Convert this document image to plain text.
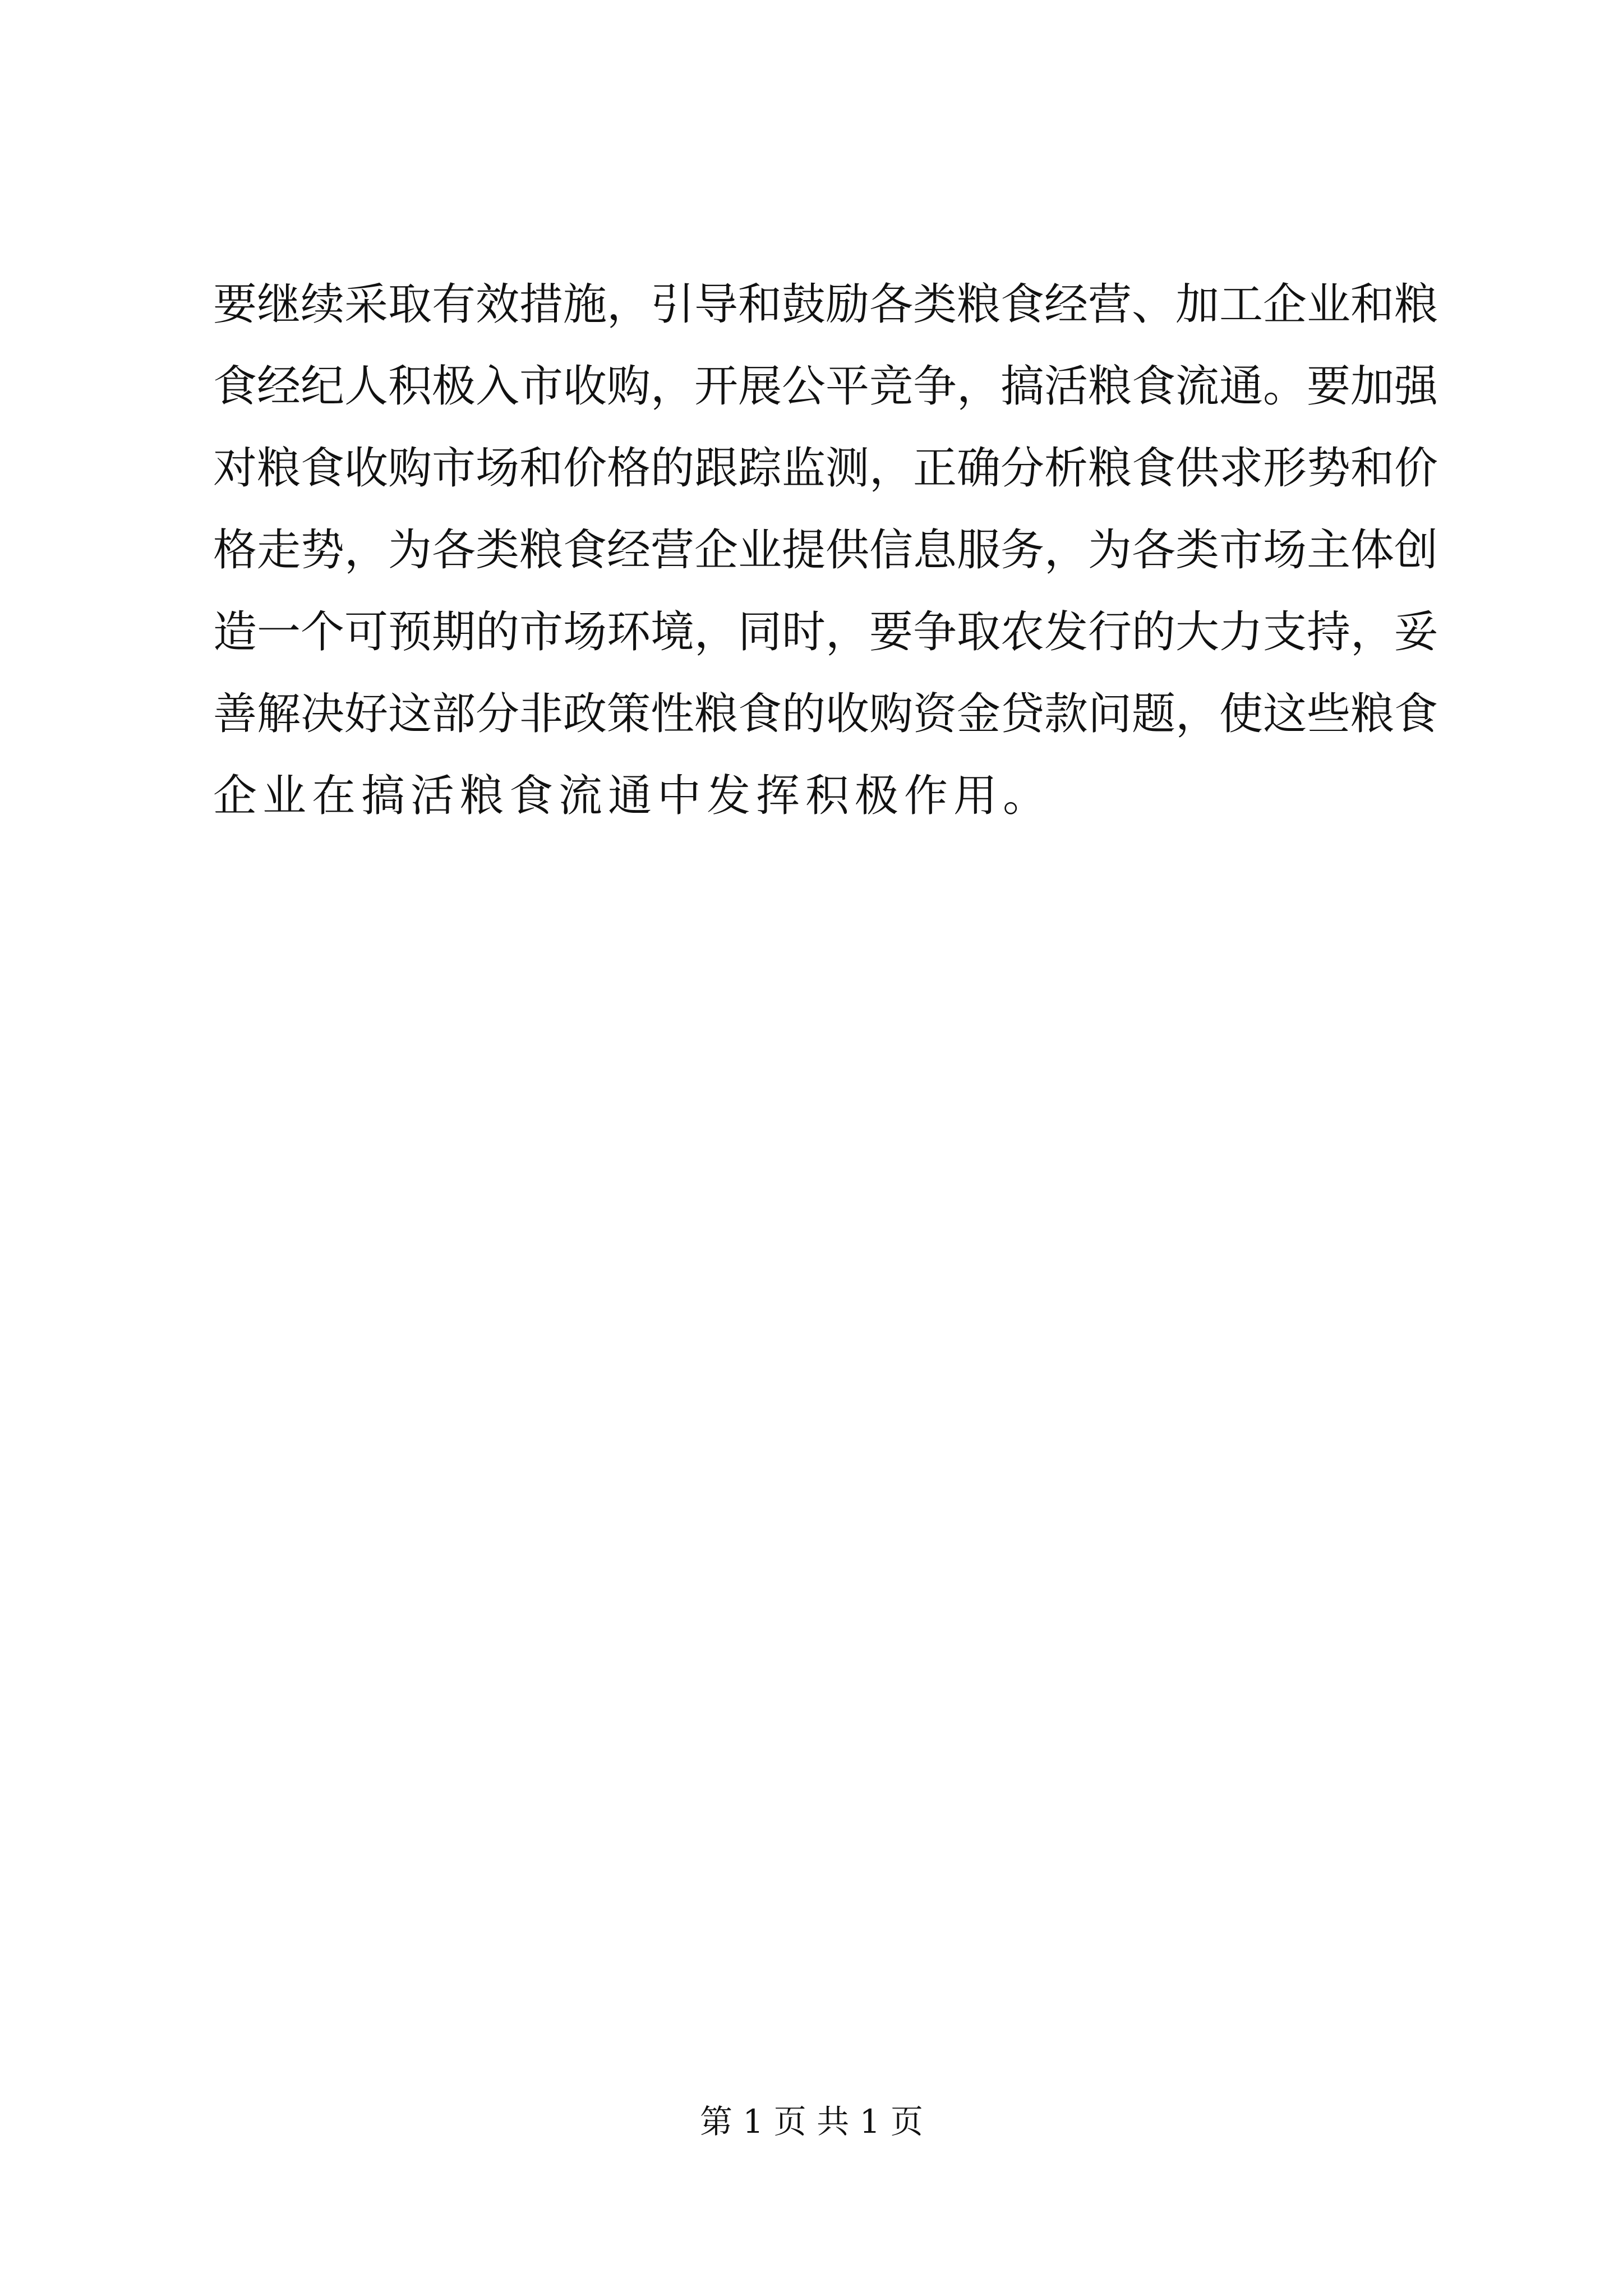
要继续采取有效措施，引导和鼓励各类粮食经营、加工企业和粮
食经纪人积极入市收购，开展公平竞争，搞活粮食流通。要加强
对粮食收购市场和价格的跟踪监测，正确分析粮食供求形势和价
格走势，为各类粮食经营企业提供信息服务，为各类市场主体创
造一个可预期的市场环境，同时，要争取农发行的大力支持，妥
善解决好这部分非政策性粮食的收购资金贷款问题，使这些粮食
企业在搞活粮食流通中发挥积极作用。
第 1 页 共 1 页
